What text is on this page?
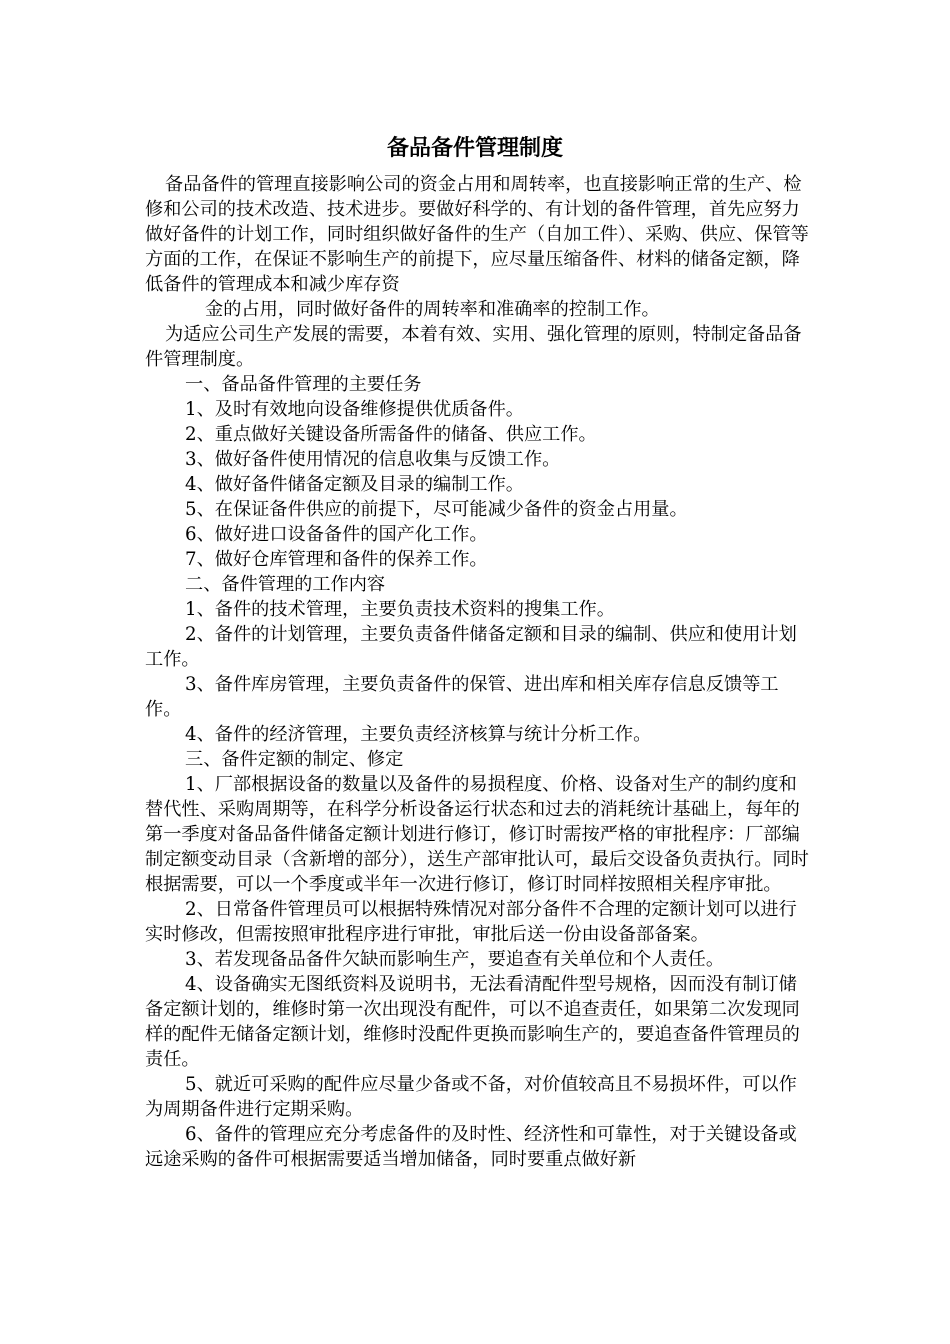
备品备件管理制度

备品备件的管理直接影响公司的资金占用和周转率，也直接影响正常的生产、检修和公司的技术改造、技术进步。要做好科学的、有计划的备件管理，首先应努力做好备件的计划工作，同时组织做好备件的生产（自加工件）、采购、供应、保管等方面的工作，在保证不影响生产的前提下，应尽量压缩备件、材料的储备定额，降低备件的管理成本和减少库存资

金的占用，同时做好备件的周转率和准确率的控制工作。

为适应公司生产发展的需要，本着有效、实用、强化管理的原则，特制定备品备件管理制度。

一、备品备件管理的主要任务

1、及时有效地向设备维修提供优质备件。

2、重点做好关键设备所需备件的储备、供应工作。

3、做好备件使用情况的信息收集与反馈工作。

4、做好备件储备定额及目录的编制工作。

5、在保证备件供应的前提下，尽可能减少备件的资金占用量。

6、做好进口设备备件的国产化工作。

7、做好仓库管理和备件的保养工作。

二、备件管理的工作内容

1、备件的技术管理，主要负责技术资料的搜集工作。

2、备件的计划管理，主要负责备件储备定额和目录的编制、供应和使用计划工作。

3、备件库房管理，主要负责备件的保管、进出库和相关库存信息反馈等工作。

4、备件的经济管理，主要负责经济核算与统计分析工作。

三、备件定额的制定、修定

1、厂部根据设备的数量以及备件的易损程度、价格、设备对生产的制约度和替代性、采购周期等，在科学分析设备运行状态和过去的消耗统计基础上，每年的第一季度对备品备件储备定额计划进行修订，修订时需按严格的审批程序：厂部编制定额变动目录（含新增的部分），送生产部审批认可，最后交设备负责执行。同时根据需要，可以一个季度或半年一次进行修订，修订时同样按照相关程序审批。

2、日常备件管理员可以根据特殊情况对部分备件不合理的定额计划可以进行实时修改，但需按照审批程序进行审批，审批后送一份由设备部备案。

3、若发现备品备件欠缺而影响生产，要追查有关单位和个人责任。

4、设备确实无图纸资料及说明书，无法看清配件型号规格，因而没有制订储备定额计划的，维修时第一次出现没有配件，可以不追查责任，如果第二次发现同样的配件无储备定额计划，维修时没配件更换而影响生产的，要追查备件管理员的责任。

5、就近可采购的配件应尽量少备或不备，对价值较高且不易损坏件，可以作为周期备件进行定期采购。

6、备件的管理应充分考虑备件的及时性、经济性和可靠性，对于关键设备或远途采购的备件可根据需要适当增加储备，同时要重点做好新
